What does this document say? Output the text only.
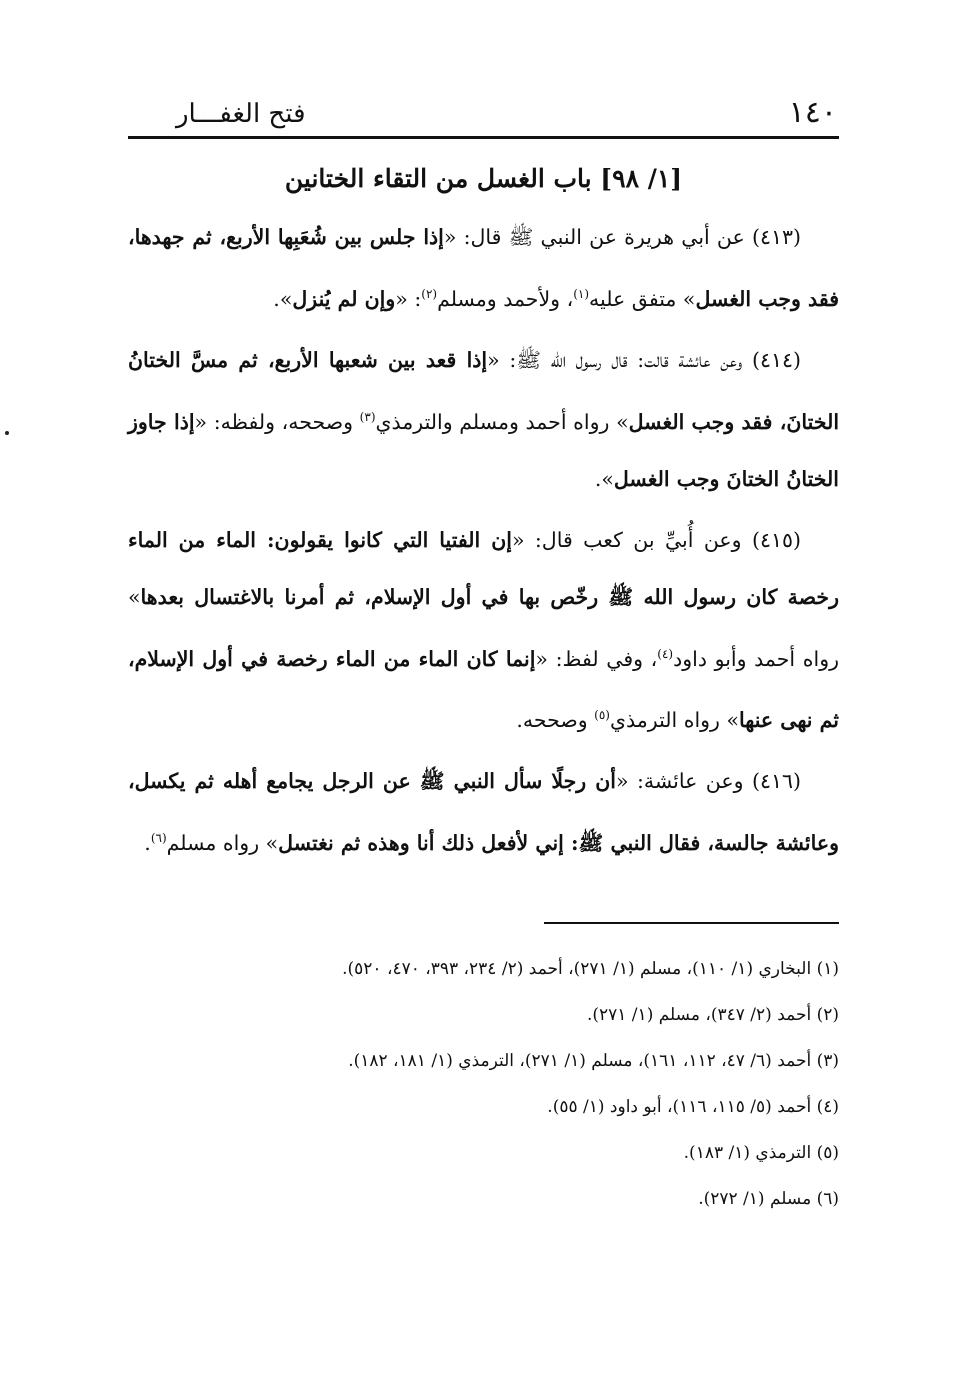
١٤٠
فتح الغفـــار
[١/ ٩٨] باب الغسل من التقاء الختانين

(٤١٣) عن أبي هريرة عن النبي ﷺ قال: «إذا جلس بين شُعَبِها الأربع، ثم جهدها، فقد وجب الغسل» متفق عليه$^{(١)}$، ولأحمد ومسلم$^{(٢)}$: «وإن لم يُنزل».

(٤١٤) وعن عائشة قالت: قال رسول الله ﷺ: «إذا قعد بين شعبها الأربع، ثم مسَّ الختانُ الختانَ، فقد وجب الغسل» رواه أحمد ومسلم والترمذي$^{(٣)}$ وصححه، ولفظه: «إذا جاوز الختانُ الختانَ وجب الغسل».

(٤١٥) وعن أُبيِّ بن كعب قال: «إن الفتيا التي كانوا يقولون: الماء من الماء رخصة كان رسول الله ﷺ رخّص بها في أول الإسلام، ثم أمرنا بالاغتسال بعدها» رواه أحمد وأبو داود$^{(٤)}$، وفي لفظ: «إنما كان الماء من الماء رخصة في أول الإسلام، ثم نهى عنها» رواه الترمذي$^{(٥)}$ وصححه.

(٤١٦) وعن عائشة: «أن رجلًا سأل النبي ﷺ عن الرجل يجامع أهله ثم يكسل، وعائشة جالسة، فقال النبي ﷺ: إني لأفعل ذلك أنا وهذه ثم نغتسل» رواه مسلم$^{(٦)}$.

(١) البخاري (١/ ١١٠)، مسلم (١/ ٢٧١)، أحمد (٢/ ٢٣٤، ٣٩٣، ٤٧٠، ٥٢٠).
(٢) أحمد (٢/ ٣٤٧)، مسلم (١/ ٢٧١).
(٣) أحمد (٦/ ٤٧، ١١٢، ١٦١)، مسلم (١/ ٢٧١)، الترمذي (١/ ١٨١، ١٨٢).
(٤) أحمد (٥/ ١١٥، ١١٦)، أبو داود (١/ ٥٥).
(٥) الترمذي (١/ ١٨٣).
(٦) مسلم (١/ ٢٧٢).
